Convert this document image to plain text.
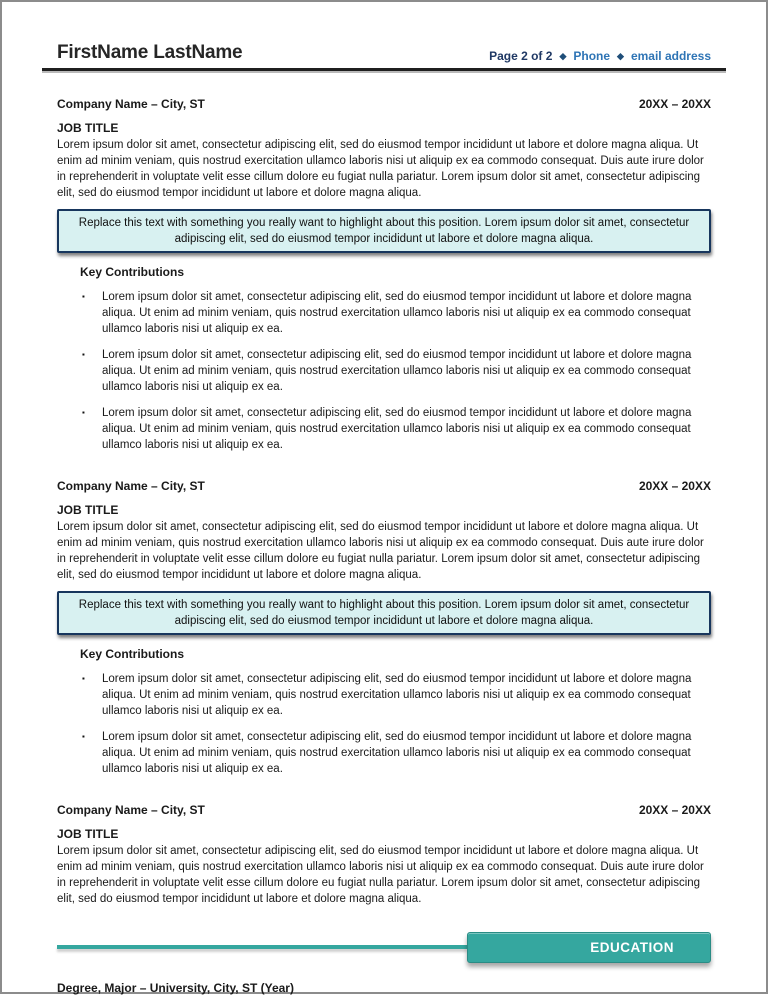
FirstName LastName	Page 2 of 2 ◆ Phone ◆ email address
Company Name – City, ST	20XX – 20XX
JOB TITLE
Lorem ipsum dolor sit amet, consectetur adipiscing elit, sed do eiusmod tempor incididunt ut labore et dolore magna aliqua. Ut enim ad minim veniam, quis nostrud exercitation ullamco laboris nisi ut aliquip ex ea commodo consequat. Duis aute irure dolor in reprehenderit in voluptate velit esse cillum dolore eu fugiat nulla pariatur. Lorem ipsum dolor sit amet, consectetur adipiscing elit, sed do eiusmod tempor incididunt ut labore et dolore magna aliqua.
Replace this text with something you really want to highlight about this position. Lorem ipsum dolor sit amet, consectetur adipiscing elit, sed do eiusmod tempor incididunt ut labore et dolore magna aliqua.
Key Contributions
▪	Lorem ipsum dolor sit amet, consectetur adipiscing elit, sed do eiusmod tempor incididunt ut labore et dolore magna aliqua. Ut enim ad minim veniam, quis nostrud exercitation ullamco laboris nisi ut aliquip ex ea commodo consequat ullamco laboris nisi ut aliquip ex ea.
▪	Lorem ipsum dolor sit amet, consectetur adipiscing elit, sed do eiusmod tempor incididunt ut labore et dolore magna aliqua. Ut enim ad minim veniam, quis nostrud exercitation ullamco laboris nisi ut aliquip ex ea commodo consequat ullamco laboris nisi ut aliquip ex ea.
▪	Lorem ipsum dolor sit amet, consectetur adipiscing elit, sed do eiusmod tempor incididunt ut labore et dolore magna aliqua. Ut enim ad minim veniam, quis nostrud exercitation ullamco laboris nisi ut aliquip ex ea commodo consequat ullamco laboris nisi ut aliquip ex ea.
Company Name – City, ST	20XX – 20XX
JOB TITLE
Lorem ipsum dolor sit amet, consectetur adipiscing elit, sed do eiusmod tempor incididunt ut labore et dolore magna aliqua. Ut enim ad minim veniam, quis nostrud exercitation ullamco laboris nisi ut aliquip ex ea commodo consequat. Duis aute irure dolor in reprehenderit in voluptate velit esse cillum dolore eu fugiat nulla pariatur. Lorem ipsum dolor sit amet, consectetur adipiscing elit, sed do eiusmod tempor incididunt ut labore et dolore magna aliqua.
Replace this text with something you really want to highlight about this position. Lorem ipsum dolor sit amet, consectetur adipiscing elit, sed do eiusmod tempor incididunt ut labore et dolore magna aliqua.
Key Contributions
▪	Lorem ipsum dolor sit amet, consectetur adipiscing elit, sed do eiusmod tempor incididunt ut labore et dolore magna aliqua. Ut enim ad minim veniam, quis nostrud exercitation ullamco laboris nisi ut aliquip ex ea commodo consequat ullamco laboris nisi ut aliquip ex ea.
▪	Lorem ipsum dolor sit amet, consectetur adipiscing elit, sed do eiusmod tempor incididunt ut labore et dolore magna aliqua. Ut enim ad minim veniam, quis nostrud exercitation ullamco laboris nisi ut aliquip ex ea commodo consequat ullamco laboris nisi ut aliquip ex ea.
Company Name – City, ST	20XX – 20XX
JOB TITLE
Lorem ipsum dolor sit amet, consectetur adipiscing elit, sed do eiusmod tempor incididunt ut labore et dolore magna aliqua. Ut enim ad minim veniam, quis nostrud exercitation ullamco laboris nisi ut aliquip ex ea commodo consequat. Duis aute irure dolor in reprehenderit in voluptate velit esse cillum dolore eu fugiat nulla pariatur. Lorem ipsum dolor sit amet, consectetur adipiscing elit, sed do eiusmod tempor incididunt ut labore et dolore magna aliqua.
EDUCATION
Degree, Major – University, City, ST (Year)
